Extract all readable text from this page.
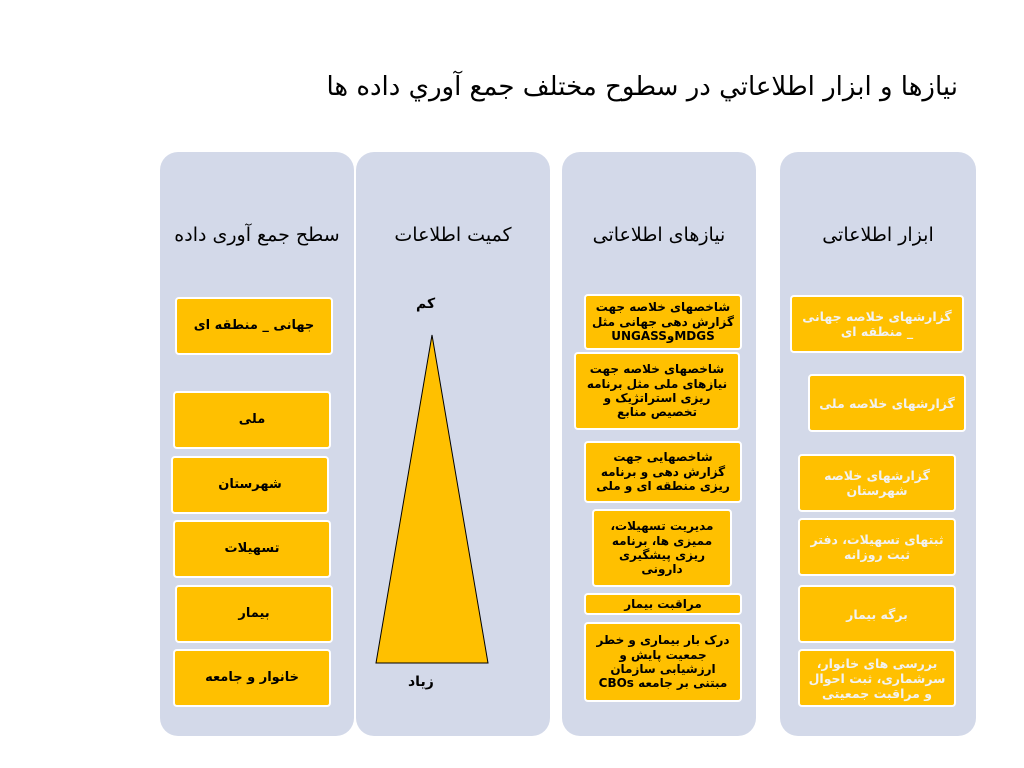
نيازها و ابزار اطلاعاتي در سطوح مختلف جمع آوري داده ها
سطح جمع آوری داده
جهانی _ منطقه ای
ملی
شهرستان
تسهیلات
بیمار
خانوار و جامعه
کمیت اطلاعات
کم
زیاد
نیازهای اطلاعاتی
شاخصهای خلاصه جهت گزارش دهی جهانی مثل MDGSوUNGASS
شاخصهای خلاصه جهت نیازهای ملی مثل برنامه ریزی استراتژیک و تخصیص منابع
شاخصهایی جهت گزارش دهی و برنامه ریزی منطقه ای و ملی
مدیریت تسهیلات، ممیزی ها، برنامه ریزی پیشگیری دارونی
مراقبت بیمار
درک بار بیماری و خطر جمعیت پایش و ارزشیابی سازمان مبتنی بر جامعه CBOs
ابزار اطلاعاتی
گزارشهای خلاصه جهانی _ منطقه ای
گزارشهای خلاصه ملی
گزارشهای خلاصه شهرستان
ثبتهای تسهیلات، دفتر ثبت روزانه
برگه بیمار
بررسی های خانوار، سرشماری، ثبت احوال و مراقبت جمعیتی
